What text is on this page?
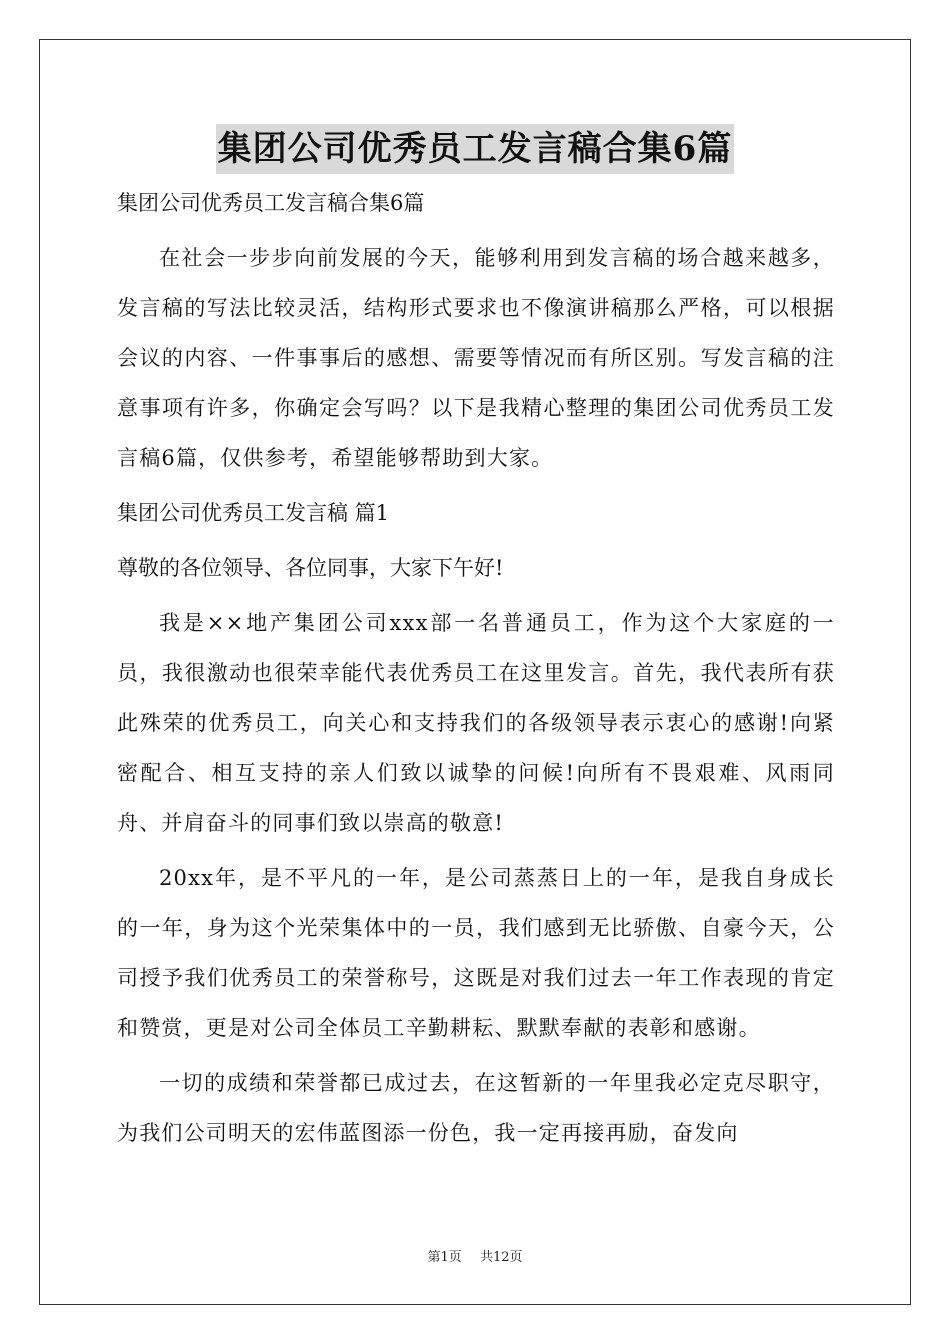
集团公司优秀员工发言稿合集6篇

集团公司优秀员工发言稿合集6篇

在社会一步步向前发展的今天，能够利用到发言稿的场合越来越多，发言稿的写法比较灵活，结构形式要求也不像演讲稿那么严格，可以根据会议的内容、一件事事后的感想、需要等情况而有所区别。写发言稿的注意事项有许多，你确定会写吗？以下是我精心整理的集团公司优秀员工发言稿6篇，仅供参考，希望能够帮助到大家。

集团公司优秀员工发言稿 篇1

尊敬的各位领导、各位同事，大家下午好!

我是××地产集团公司xxx部一名普通员工，作为这个大家庭的一员，我很激动也很荣幸能代表优秀员工在这里发言。首先，我代表所有获此殊荣的优秀员工，向关心和支持我们的各级领导表示衷心的感谢!向紧密配合、相互支持的亲人们致以诚挚的问候!向所有不畏艰难、风雨同舟、并肩奋斗的同事们致以崇高的敬意!

20xx年，是不平凡的一年，是公司蒸蒸日上的一年，是我自身成长的一年，身为这个光荣集体中的一员，我们感到无比骄傲、自豪今天，公司授予我们优秀员工的荣誉称号，这既是对我们过去一年工作表现的肯定和赞赏，更是对公司全体员工辛勤耕耘、默默奉献的表彰和感谢。

一切的成绩和荣誉都已成过去，在这暂新的一年里我必定克尽职守，为我们公司明天的宏伟蓝图添一份色，我一定再接再励，奋发向

第1页 共12页
